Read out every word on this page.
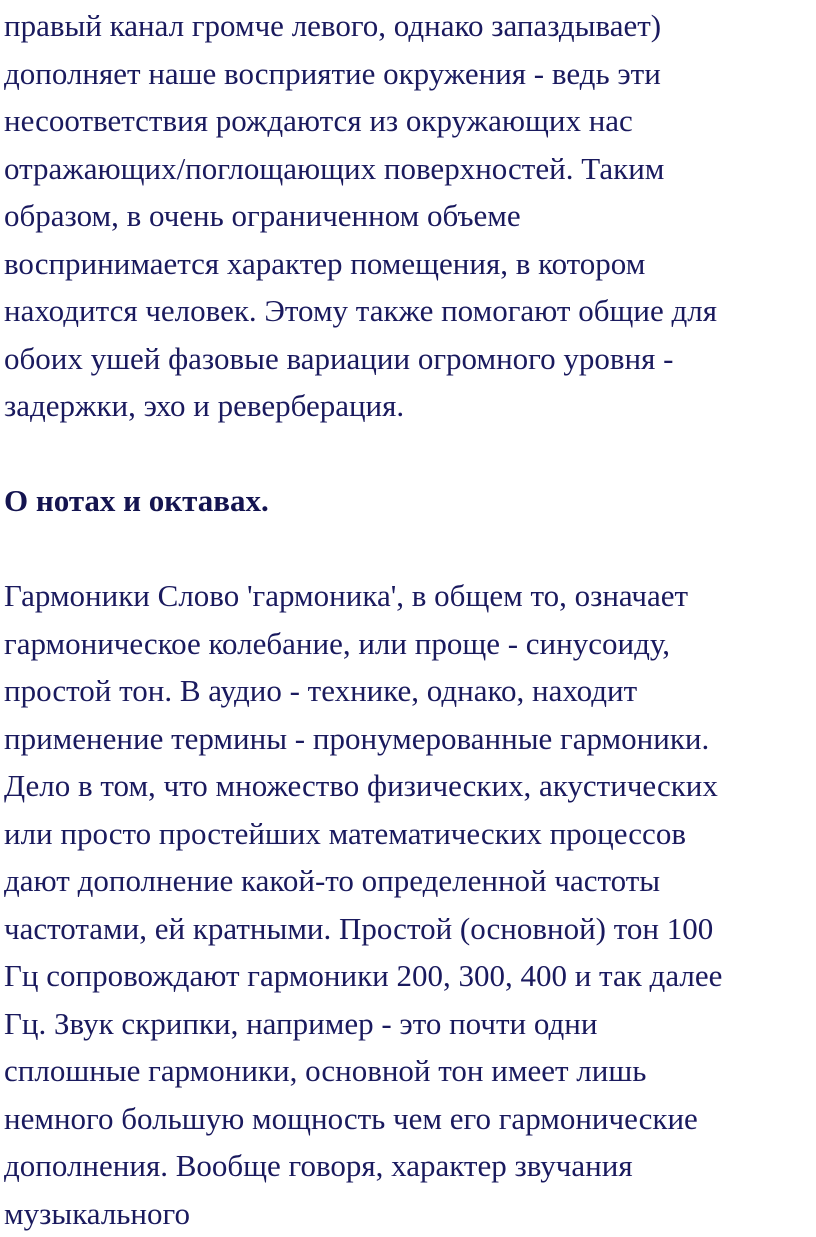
правый канал громче левого, однако запаздывает)
дополняет наше восприятие окружения - ведь эти
несоответствия рождаются из окружающих нас
отражающих/поглощающих поверхностей. Таким
образом, в очень ограниченном объеме
воспринимается характер помещения, в котором
находится человек. Этому также помогают общие для
обоих ушей фазовые вариации огромного уровня -
задержки, эхо и реверберация.
О нотах и октавах.
Гармоники Слово 'гармоника', в общем то, означает
гармоническое колебание, или проще - синусоиду,
простой тон. В аудио - технике, однако, находит
применение термины - пронумерованные гармоники.
Дело в том, что множество физических, акустических
или просто простейших математических процессов
дают дополнение какой-то определенной частоты
частотами, ей кратными. Простой (основной) тон 100
Гц сопровождают гармоники 200, 300, 400 и так далее
Гц. Звук скрипки, например - это почти одни
сплошные гармоники, основной тон имеет лишь
немного большую мощность чем его гармонические
дополнения. Вообще говоря, характер звучания
музыкального
